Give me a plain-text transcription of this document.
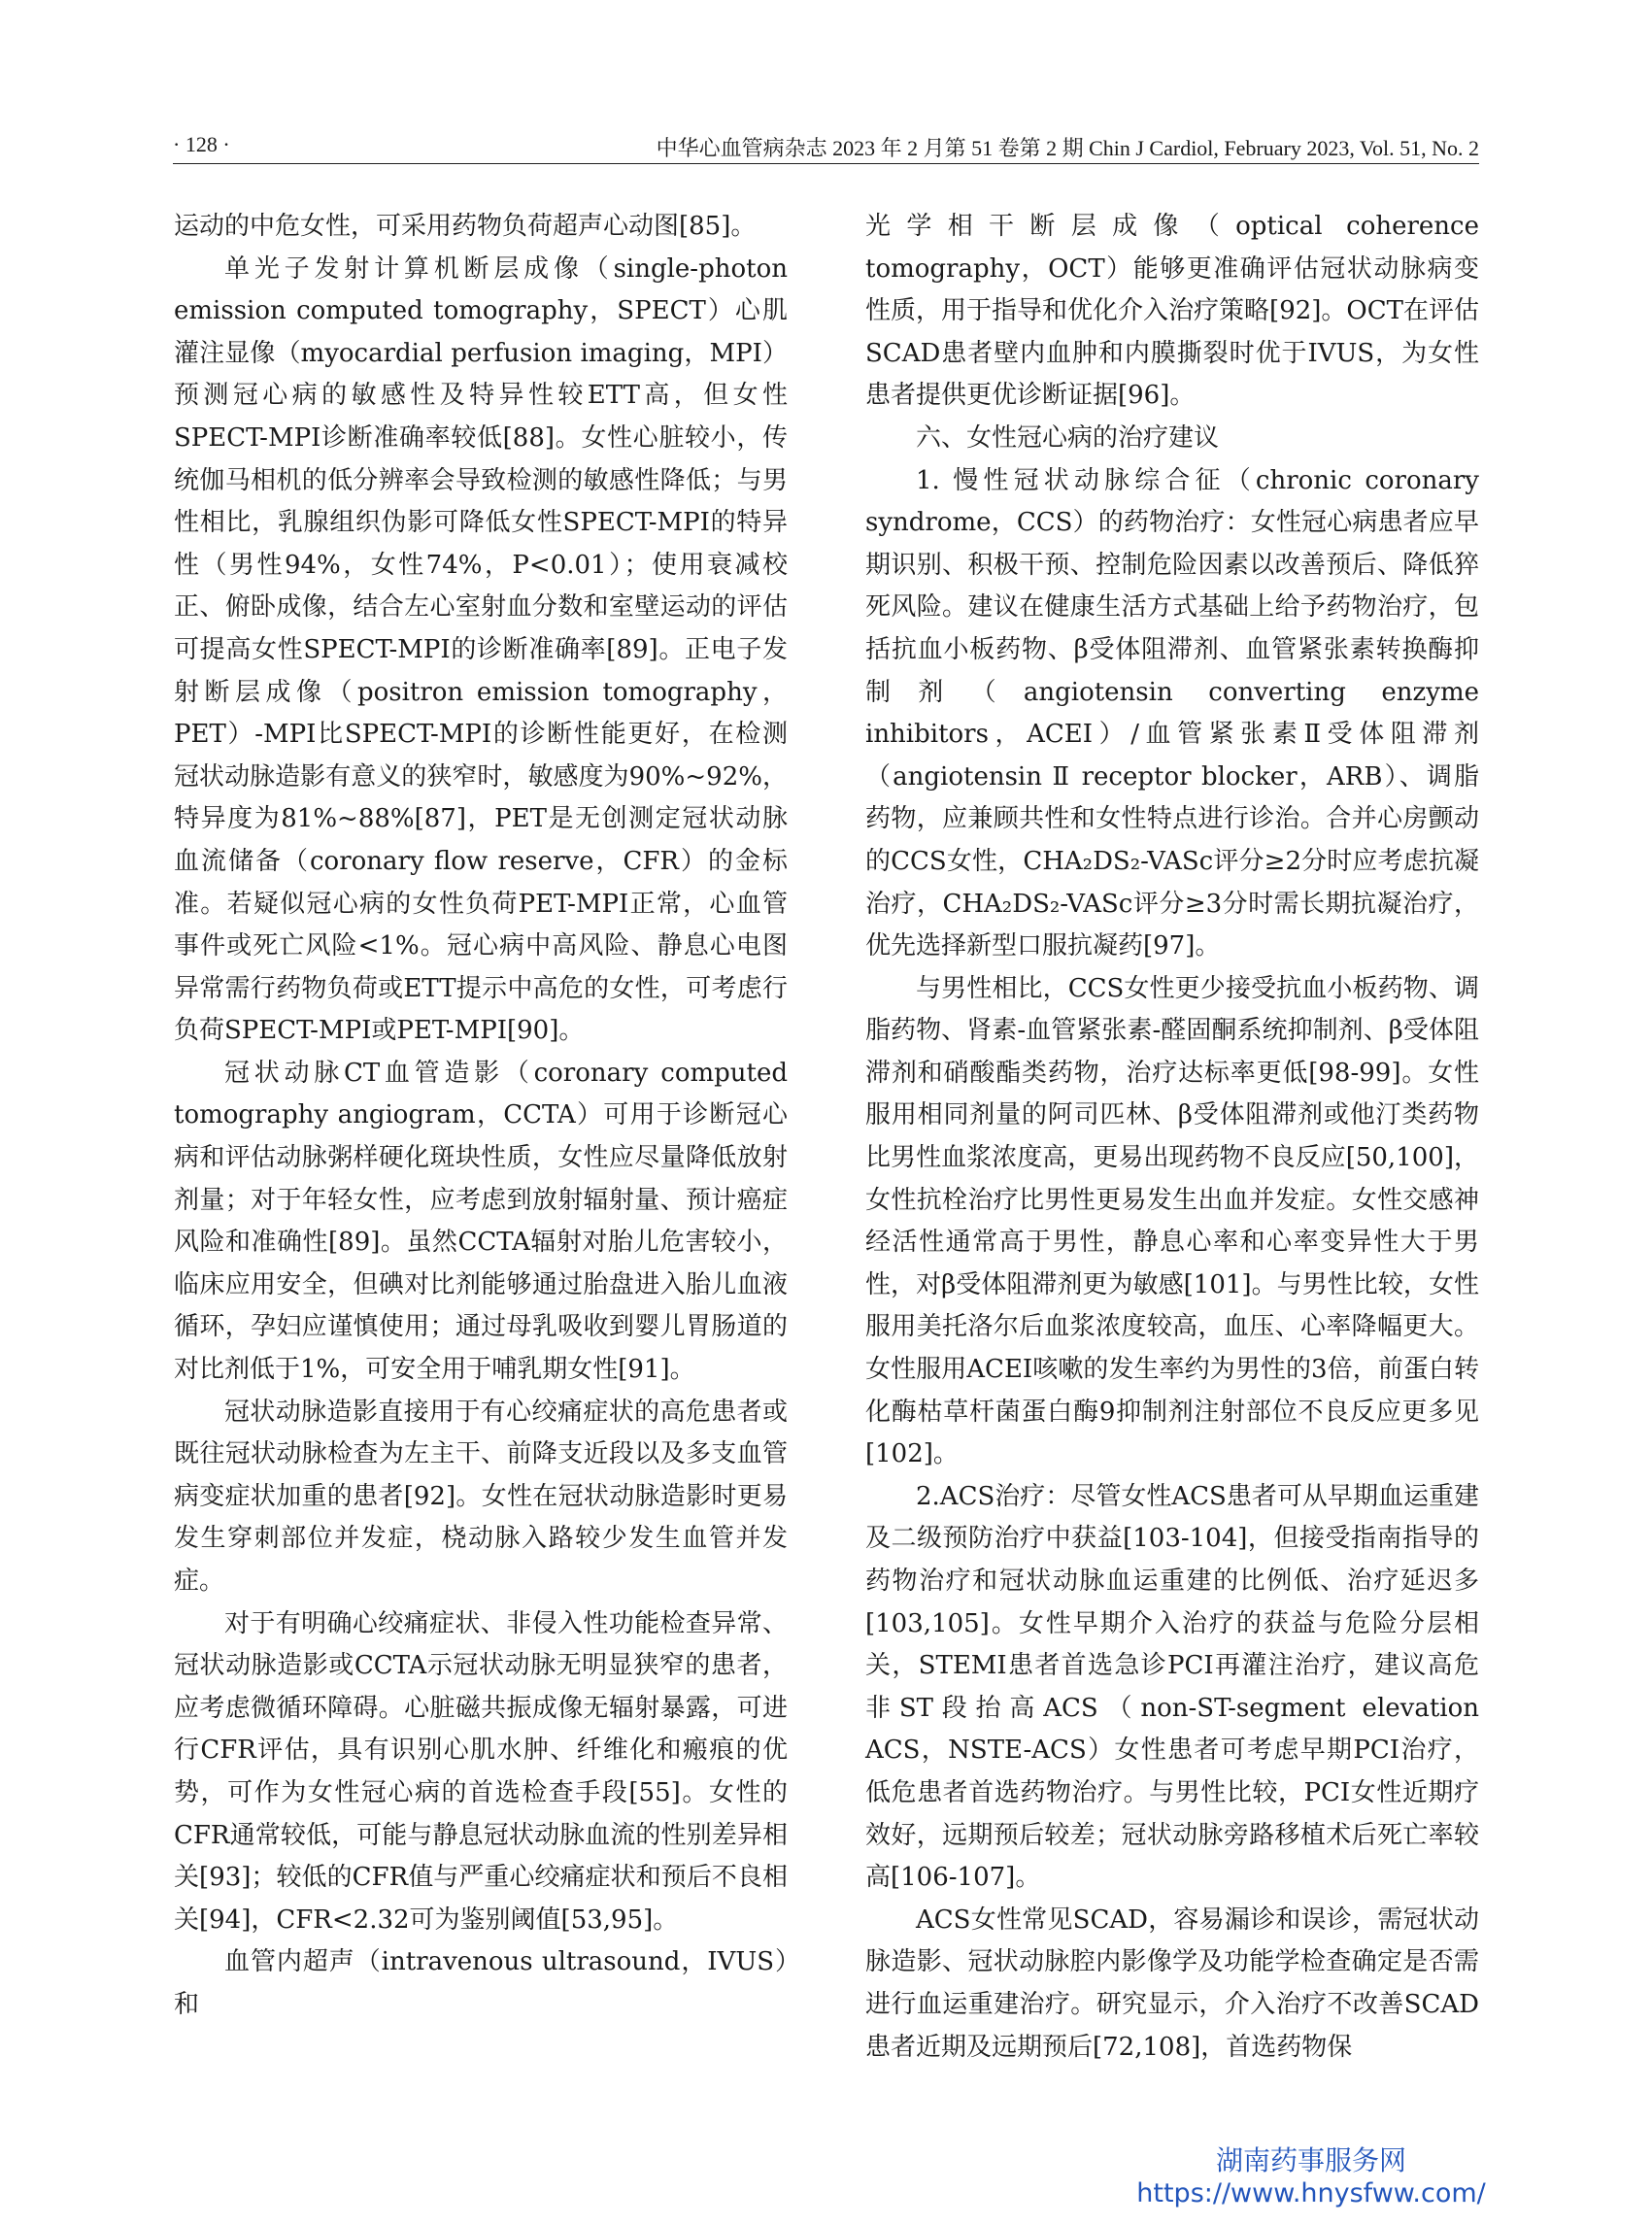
· 128 ·	中华心血管病杂志 2023 年 2 月第 51 卷第 2 期 Chin J Cardiol, February 2023, Vol. 51, No. 2

运动的中危女性，可采用药物负荷超声心动图[85]。

单光子发射计算机断层成像（single-photon emission computed tomography，SPECT）心肌灌注显像（myocardial perfusion imaging，MPI）预测冠心病的敏感性及特异性较ETT高，但女性SPECT-MPI诊断准确率较低[88]。女性心脏较小，传统伽马相机的低分辨率会导致检测的敏感性降低；与男性相比，乳腺组织伪影可降低女性SPECT-MPI的特异性（男性94%，女性74%，P<0.01）；使用衰减校正、俯卧成像，结合左心室射血分数和室壁运动的评估可提高女性SPECT-MPI的诊断准确率[89]。正电子发射断层成像（positron emission tomography，PET）-MPI比SPECT-MPI的诊断性能更好，在检测冠状动脉造影有意义的狭窄时，敏感度为90%~92%，特异度为81%~88%[87]，PET是无创测定冠状动脉血流储备（coronary flow reserve，CFR）的金标准。若疑似冠心病的女性负荷PET-MPI正常，心血管事件或死亡风险<1%。冠心病中高风险、静息心电图异常需行药物负荷或ETT提示中高危的女性，可考虑行负荷SPECT-MPI或PET-MPI[90]。

冠状动脉CT血管造影（coronary computed tomography angiogram，CCTA）可用于诊断冠心病和评估动脉粥样硬化斑块性质，女性应尽量降低放射剂量；对于年轻女性，应考虑到放射辐射量、预计癌症风险和准确性[89]。虽然CCTA辐射对胎儿危害较小，临床应用安全，但碘对比剂能够通过胎盘进入胎儿血液循环，孕妇应谨慎使用；通过母乳吸收到婴儿胃肠道的对比剂低于1%，可安全用于哺乳期女性[91]。

冠状动脉造影直接用于有心绞痛症状的高危患者或既往冠状动脉检查为左主干、前降支近段以及多支血管病变症状加重的患者[92]。女性在冠状动脉造影时更易发生穿刺部位并发症，桡动脉入路较少发生血管并发症。

对于有明确心绞痛症状、非侵入性功能检查异常、冠状动脉造影或CCTA示冠状动脉无明显狭窄的患者，应考虑微循环障碍。心脏磁共振成像无辐射暴露，可进行CFR评估，具有识别心肌水肿、纤维化和瘢痕的优势，可作为女性冠心病的首选检查手段[55]。女性的CFR通常较低，可能与静息冠状动脉血流的性别差异相关[93]；较低的CFR值与严重心绞痛症状和预后不良相关[94]，CFR<2.32可为鉴别阈值[53,95]。

血管内超声（intravenous ultrasound，IVUS）和

光学相干断层成像（optical coherence tomography，OCT）能够更准确评估冠状动脉病变性质，用于指导和优化介入治疗策略[92]。OCT在评估SCAD患者壁内血肿和内膜撕裂时优于IVUS，为女性患者提供更优诊断证据[96]。

六、女性冠心病的治疗建议

1. 慢性冠状动脉综合征（chronic coronary syndrome，CCS）的药物治疗：女性冠心病患者应早期识别、积极干预、控制危险因素以改善预后、降低猝死风险。建议在健康生活方式基础上给予药物治疗，包括抗血小板药物、β受体阻滞剂、血管紧张素转换酶抑制剂（angiotensin converting enzyme inhibitors，ACEI）/血管紧张素Ⅱ受体阻滞剂（angiotensin Ⅱ receptor blocker，ARB）、调脂药物，应兼顾共性和女性特点进行诊治。合并心房颤动的CCS女性，CHA₂DS₂-VASc评分≥2分时应考虑抗凝治疗，CHA₂DS₂-VASc评分≥3分时需长期抗凝治疗，优先选择新型口服抗凝药[97]。

与男性相比，CCS女性更少接受抗血小板药物、调脂药物、肾素-血管紧张素-醛固酮系统抑制剂、β受体阻滞剂和硝酸酯类药物，治疗达标率更低[98-99]。女性服用相同剂量的阿司匹林、β受体阻滞剂或他汀类药物比男性血浆浓度高，更易出现药物不良反应[50,100]，女性抗栓治疗比男性更易发生出血并发症。女性交感神经活性通常高于男性，静息心率和心率变异性大于男性，对β受体阻滞剂更为敏感[101]。与男性比较，女性服用美托洛尔后血浆浓度较高，血压、心率降幅更大。女性服用ACEI咳嗽的发生率约为男性的3倍，前蛋白转化酶枯草杆菌蛋白酶9抑制剂注射部位不良反应更多见[102]。

2.ACS治疗：尽管女性ACS患者可从早期血运重建及二级预防治疗中获益[103-104]，但接受指南指导的药物治疗和冠状动脉血运重建的比例低、治疗延迟多[103,105]。女性早期介入治疗的获益与危险分层相关，STEMI患者首选急诊PCI再灌注治疗，建议高危非ST段抬高ACS（non-ST-segment elevation ACS，NSTE-ACS）女性患者可考虑早期PCI治疗，低危患者首选药物治疗。与男性比较，PCI女性近期疗效好，远期预后较差；冠状动脉旁路移植术后死亡率较高[106-107]。

ACS女性常见SCAD，容易漏诊和误诊，需冠状动脉造影、冠状动脉腔内影像学及功能学检查确定是否需进行血运重建治疗。研究显示，介入治疗不改善SCAD患者近期及远期预后[72,108]，首选药物保

湖南药事服务网
https://www.hnysfww.com/
